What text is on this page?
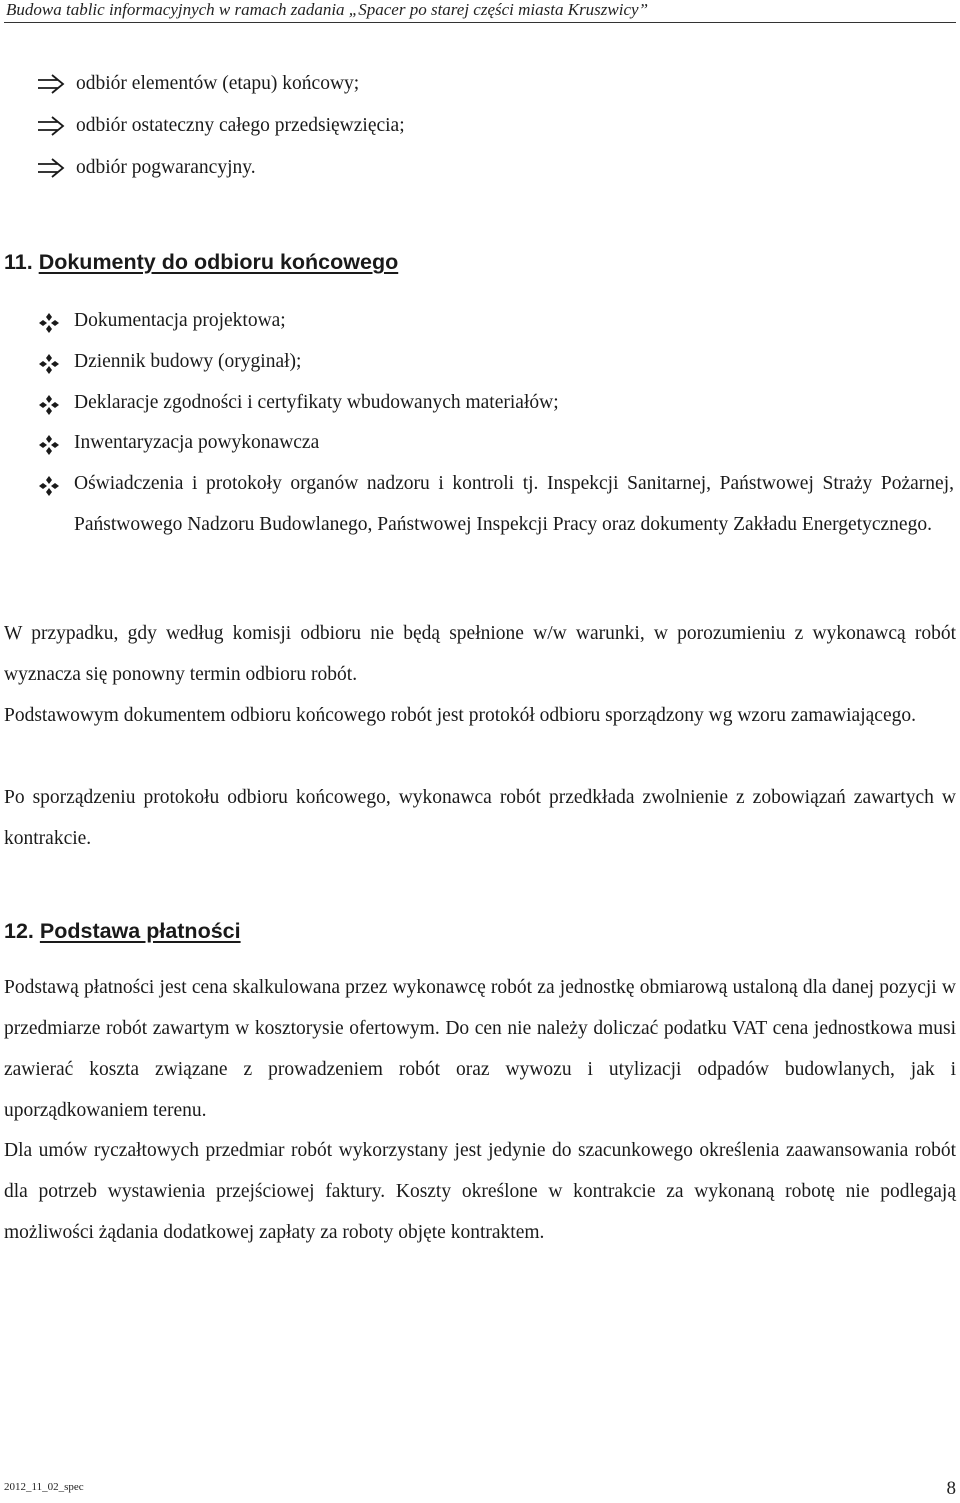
Budowa tablic informacyjnych w ramach zadania „Spacer po starej części miasta Kruszwicy”
odbiór elementów (etapu) końcowy;
odbiór ostateczny całego przedsięwzięcia;
odbiór pogwarancyjny.
11. Dokumenty do odbioru końcowego
Dokumentacja projektowa;
Dziennik budowy (oryginał);
Deklaracje zgodności i certyfikaty wbudowanych materiałów;
Inwentaryzacja powykonawcza
Oświadczenia i protokoły organów nadzoru i kontroli tj. Inspekcji Sanitarnej, Państwowej Straży Pożarnej, Państwowego Nadzoru Budowlanego, Państwowej Inspekcji Pracy oraz dokumenty Zakładu Energetycznego.

W przypadku, gdy według komisji odbioru nie będą spełnione w/w warunki, w porozumieniu z wykonawcą robót wyznacza się ponowny termin odbioru robót.

Podstawowym dokumentem odbioru końcowego robót jest protokół odbioru sporządzony wg wzoru zamawiającego.

Po sporządzeniu protokołu odbioru końcowego, wykonawca robót przedkłada zwolnienie z zobowiązań zawartych w kontrakcie.

12. Podstawa płatności

Podstawą płatności jest cena skalkulowana przez wykonawcę robót za jednostkę obmiarową ustaloną dla danej pozycji w przedmiarze robót zawartym w kosztorysie ofertowym. Do cen nie należy doliczać podatku VAT cena jednostkowa musi zawierać koszta związane z prowadzeniem robót oraz wywozu i utylizacji odpadów budowlanych, jak i uporządkowaniem terenu.

Dla umów ryczałtowych przedmiar robót wykorzystany jest jedynie do szacunkowego określenia zaawansowania robót dla potrzeb wystawienia przejściowej faktury. Koszty określone w kontrakcie za wykonaną robotę nie podlegają możliwości żądania dodatkowej zapłaty za roboty objęte kontraktem.

2012_11_02_spec	8
